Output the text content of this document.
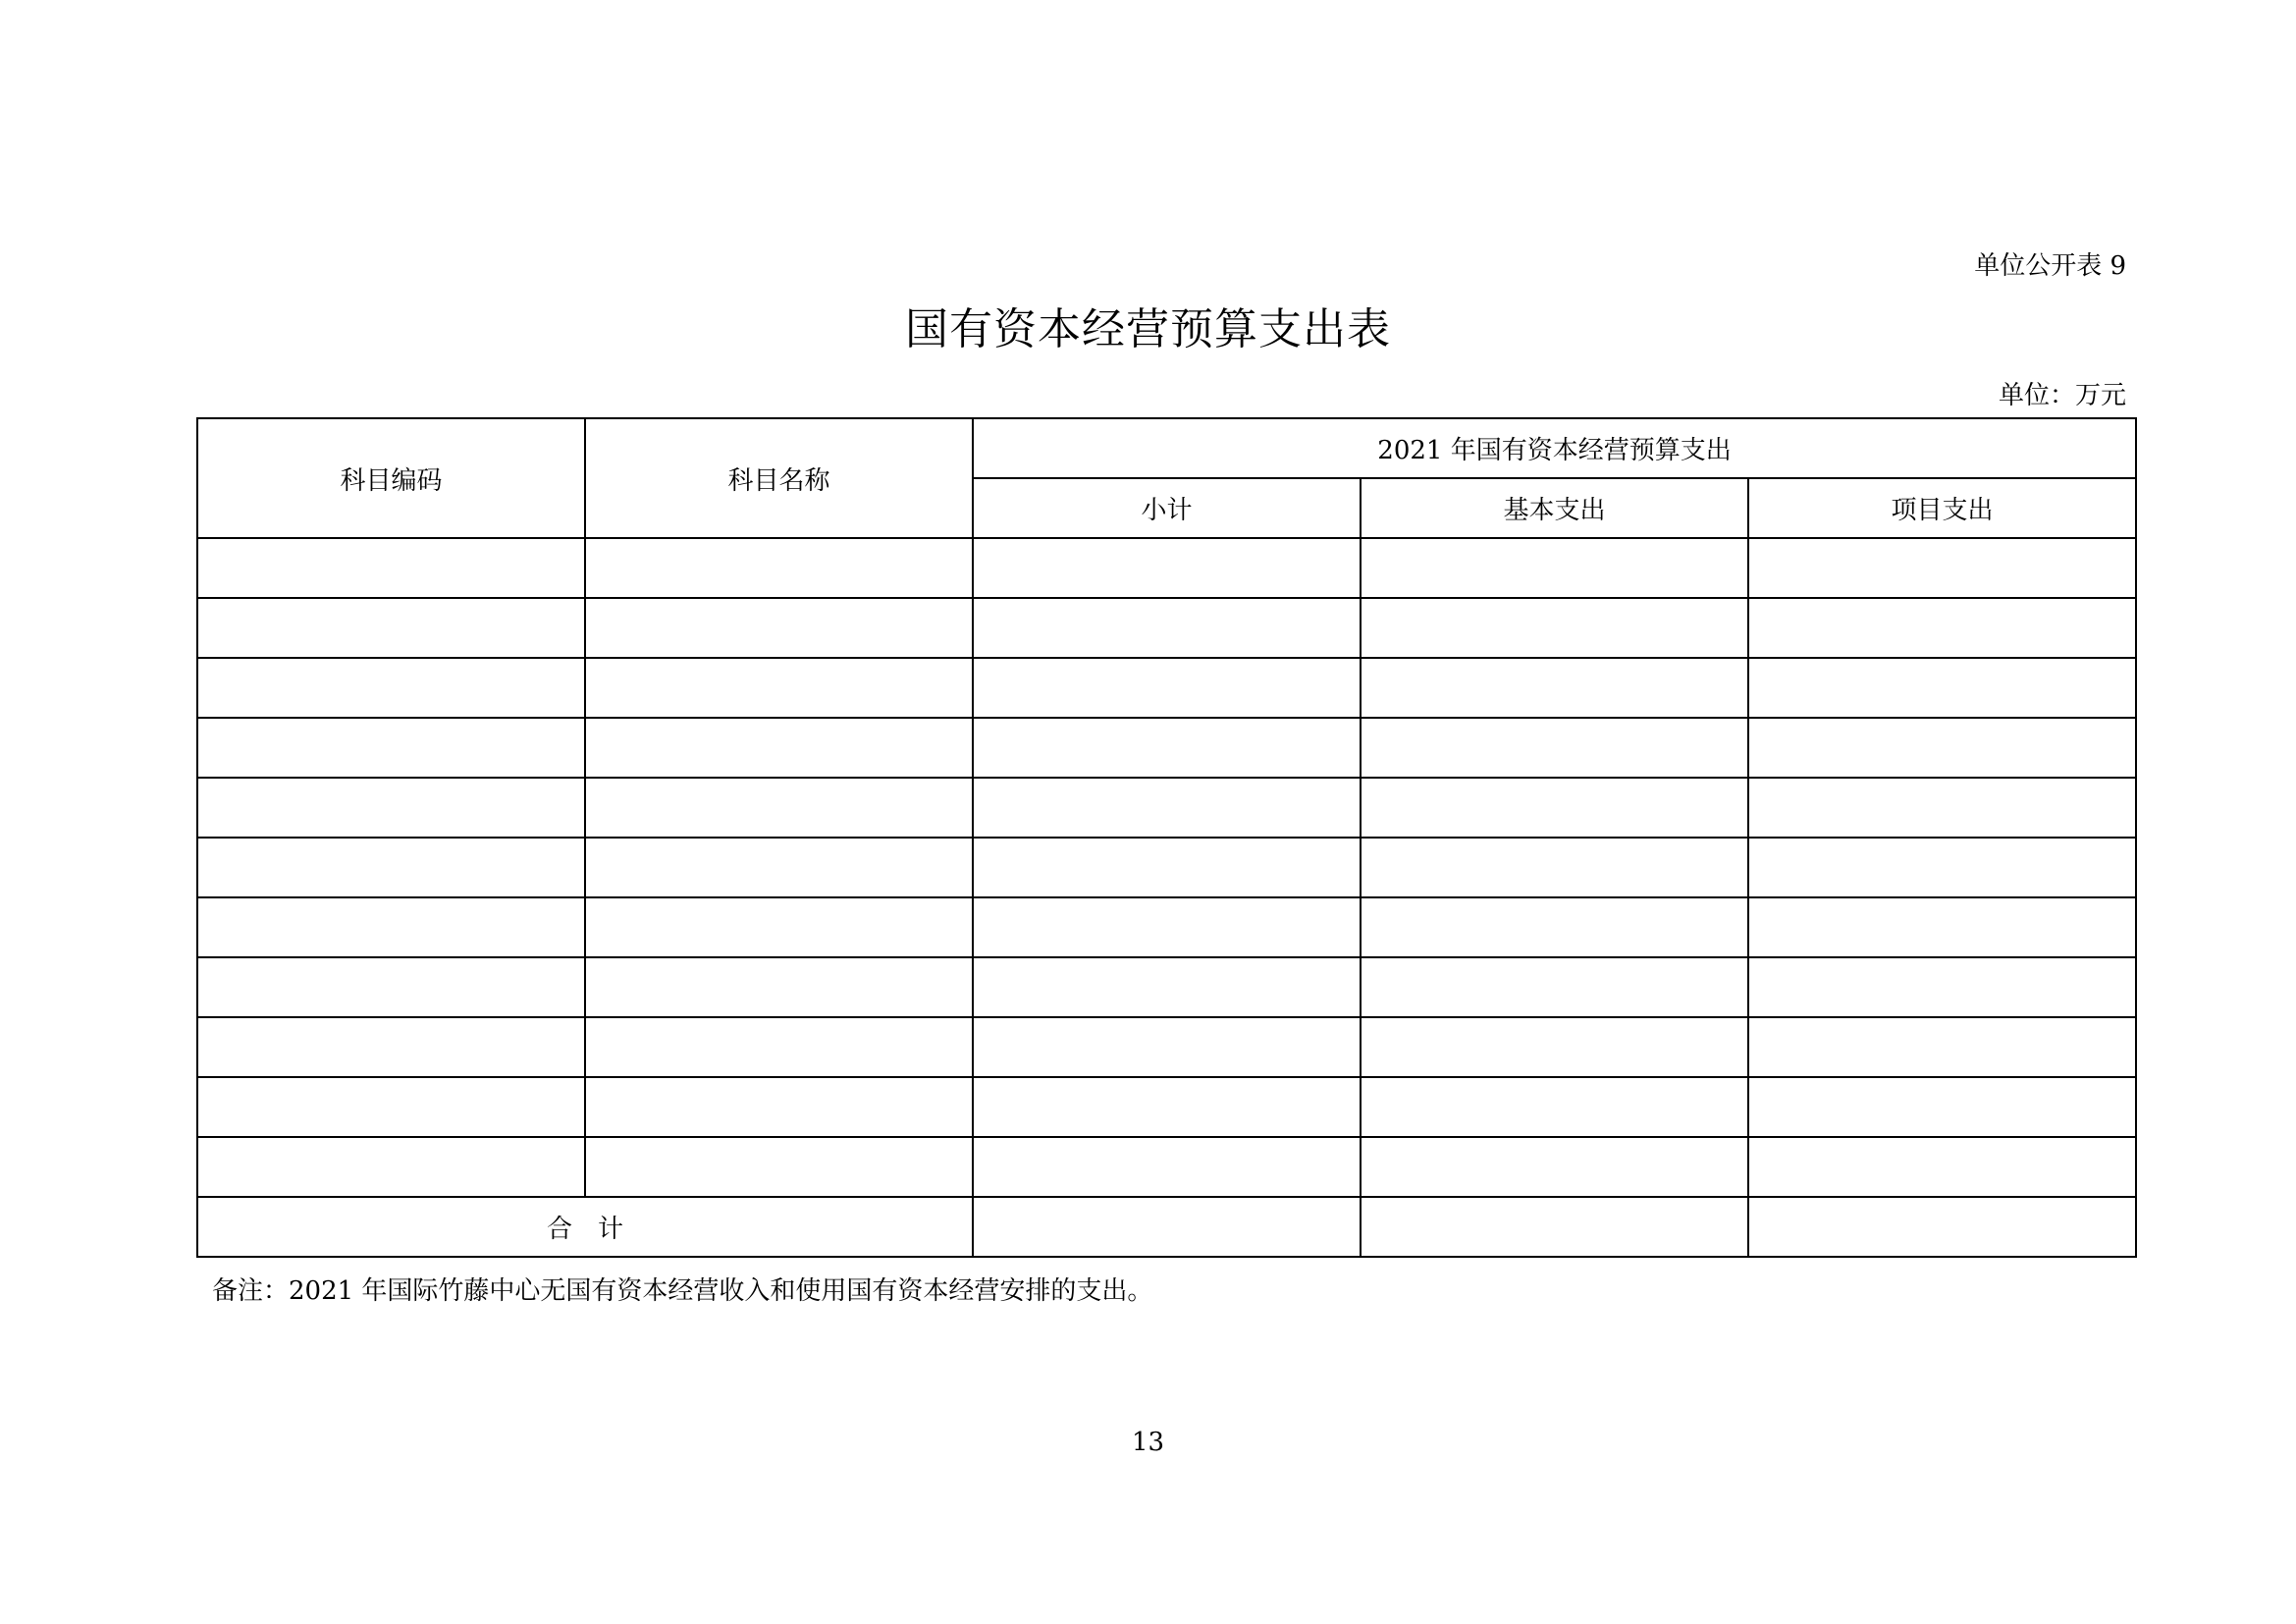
单位公开表 9
国有资本经营预算支出表
单位：万元
科目编码	科目名称	2021 年国有资本经营预算支出		
		小计	基本支出	项目支出

合　计				
备注：2021 年国际竹藤中心无国有资本经营收入和使用国有资本经营安排的支出。
13
